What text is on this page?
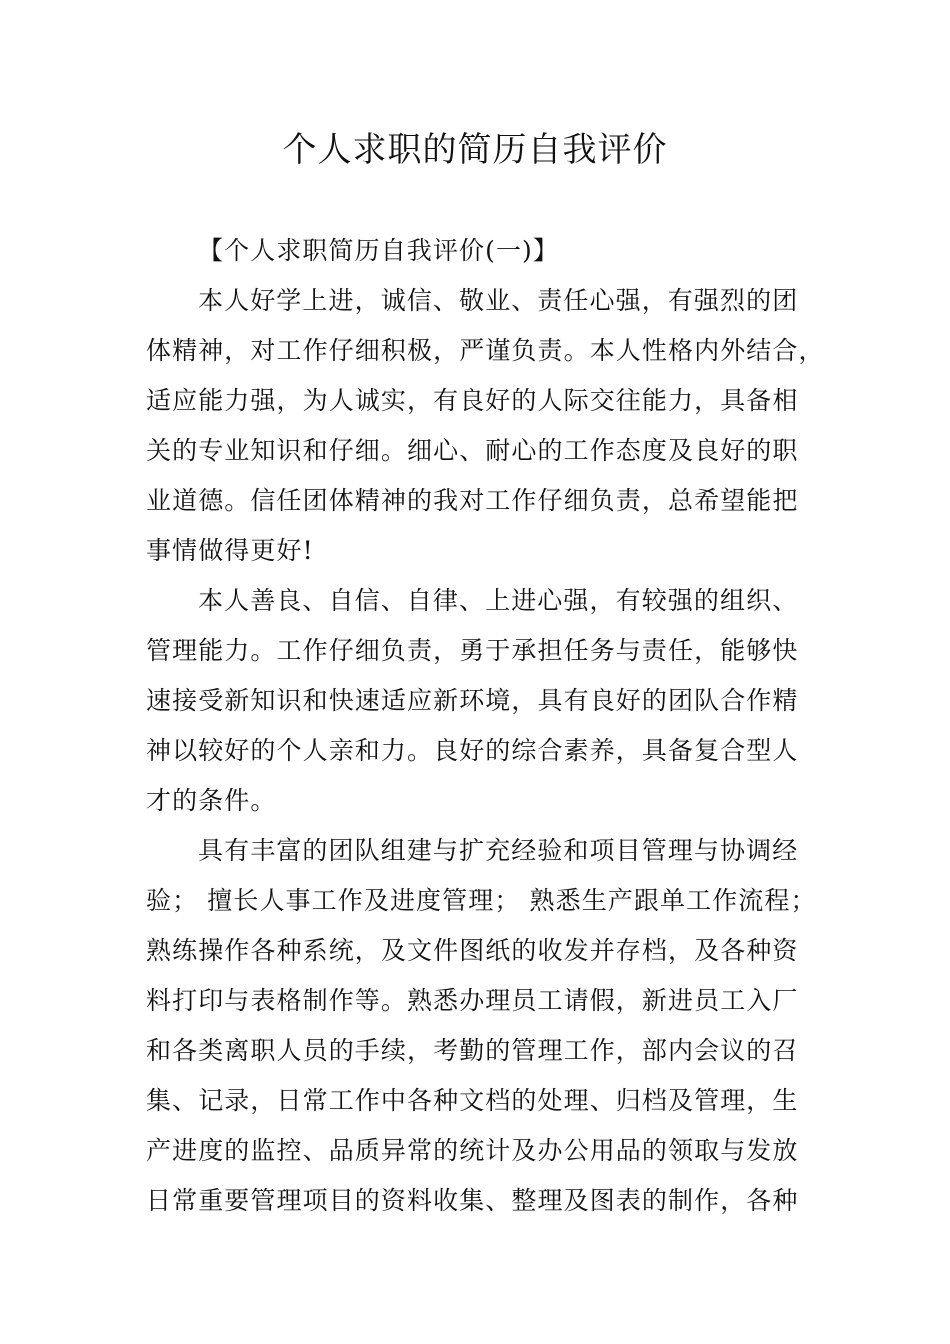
个人求职的简历自我评价
【个人求职简历自我评价(一)】
本人好学上进，诚信、敬业、责任心强，有强烈的团
体精神，对工作仔细积极，严谨负责。本人性格内外结合，
适应能力强，为人诚实，有良好的人际交往能力，具备相
关的专业知识和仔细。细心、耐心的工作态度及良好的职
业道德。信任团体精神的我对工作仔细负责，总希望能把
事情做得更好!
本人善良、自信、自律、上进心强，有较强的组织、
管理能力。工作仔细负责，勇于承担任务与责任，能够快
速接受新知识和快速适应新环境，具有良好的团队合作精
神以较好的个人亲和力。良好的综合素养，具备复合型人
才的条件。
具有丰富的团队组建与扩充经验和项目管理与协调经
验； 擅长人事工作及进度管理； 熟悉生产跟单工作流程；
熟练操作各种系统，及文件图纸的收发并存档，及各种资
料打印与表格制作等。熟悉办理员工请假，新进员工入厂
和各类离职人员的手续，考勤的管理工作，部内会议的召
集、记录，日常工作中各种文档的处理、归档及管理，生
产进度的监控、品质异常的统计及办公用品的领取与发放
日常重要管理项目的资料收集、整理及图表的制作，各种
